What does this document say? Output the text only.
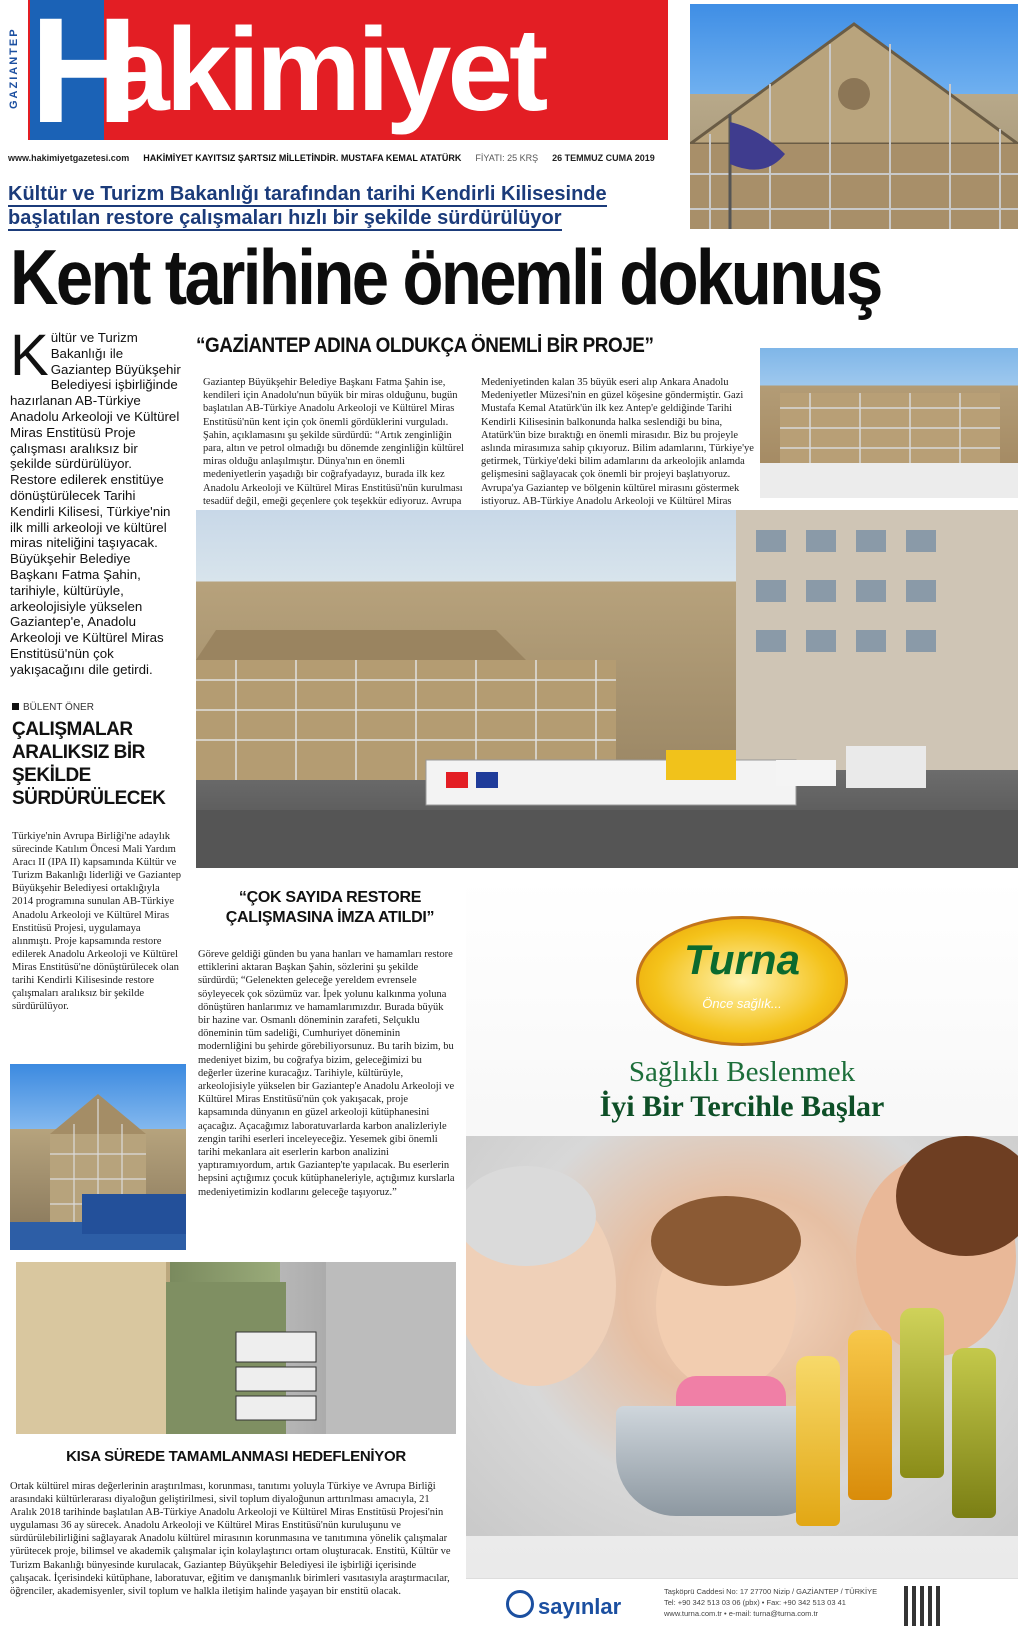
GAZIANTEP H
akimiyet
www.hakimiyetgazetesi.com HAKİMİYET KAYITSIZ ŞARTSIZ MİLLETİNDİR. MUSTAFA KEMAL ATATÜRK FİYATI: 25 KRŞ 26 TEMMUZ CUMA 2019
Kültür ve Turizm Bakanlığı tarafından tarihi Kendirli Kilisesinde
başlatılan restore çalışmaları hızlı bir şekilde sürdürülüyor
Kent tarihine önemli dokunuş
K ültür ve Turizm Bakanlığı ile Gaziantep Büyükşehir Belediyesi işbirliğinde hazırlanan AB-Türkiye Anadolu Arkeoloji ve Kültürel Miras Enstitüsü Proje çalışması aralıksız bir şekilde sürdürülüyor. Restore edilerek enstitüye dönüştürülecek Tarihi Kendirli Kilisesi, Türkiye'nin ilk milli arkeoloji ve kültürel miras niteliğini taşıyacak. Büyükşehir Belediye Başkanı Fatma Şahin, tarihiyle, kültürüyle, arkeolojisiyle yükselen Gaziantep'e, Anadolu Arkeoloji ve Kültürel Miras Enstitüsü'nün çok yakışacağını dile getirdi.
BÜLENT ÖNER
ÇALIŞMALAR ARALIKSIZ BİR ŞEKİLDE SÜRDÜRÜLECEK
Türkiye'nin Avrupa Birliği'ne adaylık sürecinde Katılım Öncesi Mali Yardım Aracı II (IPA II) kapsamında Kültür ve Turizm Bakanlığı liderliği ve Gaziantep Büyükşehir Belediyesi ortaklığıyla 2014 programına sunulan AB-Türkiye Anadolu Arkeoloji ve Kültürel Miras Enstitüsü Projesi, uygulamaya alınmıştı. Proje kapsamında restore edilerek Anadolu Arkeoloji ve Kültürel Miras Enstitüsü'ne dönüştürülecek olan tarihi Kendirli Kilisesinde restore çalışmaları aralıksız bir şekilde sürdürülüyor.
“GAZİANTEP ADINA OLDUKÇA ÖNEMLİ BİR PROJE”
Gaziantep Büyükşehir Belediye Başkanı Fatma Şahin ise, kendileri için Anadolu'nun büyük bir miras olduğunu, bugün başlatılan AB-Türkiye Anadolu Arkeoloji ve Kültürel Miras Enstitüsü'nün kent için çok önemli gördüklerini vurguladı. Şahin, açıklamasını şu şekilde sürdürdü: “Artık zenginliğin para, altın ve petrol olmadığı bu dönemde zenginliğin kültürel miras olduğu anlaşılmıştır. Dünya'nın en önemli medeniyetlerin yaşadığı bir coğrafyadayız, burada ilk kez Anadolu Arkeoloji ve Kültürel Miras Enstitüsü'nün kurulması tesadüf değil, emeği geçenlere çok teşekkür ediyoruz. Avrupa
Medeniyetinden kalan 35 büyük eseri alıp Ankara Anadolu Medeniyetler Müzesi'nin en güzel köşesine göndermiştir. Gazi Mustafa Kemal Atatürk'ün ilk kez Antep'e geldiğinde Tarihi Kendirli Kilisesinin balkonunda halka seslendiği bu bina, Atatürk'ün bize bıraktığı en önemli mirasıdır. Biz bu projeyle aslında mirasımıza sahip çıkıyoruz. Bilim adamlarını, Türkiye'ye getirmek, Türkiye'deki bilim adamlarını da arkeolojik anlamda gelişmesini sağlayacak çok önemli bir projeyi başlatıyoruz. Avrupa'ya Gaziantep ve bölgenin kültürel mirasını göstermek istiyoruz. AB-Türkiye Anadolu Arkeoloji ve Kültürel Miras
“ÇOK SAYIDA RESTORE ÇALIŞMASINA İMZA ATILDI”
Göreve geldiği günden bu yana hanları ve hamamları restore ettiklerini aktaran Başkan Şahin, sözlerini şu şekilde sürdürdü; “Gelenekten geleceğe yereldem evrensele söyleyecek çok sözümüz var. İpek yolunu kalkınma yoluna dönüştüren hanlarımız ve hamamlarımızdır. Burada büyük bir hazine var. Osmanlı döneminin zarafeti, Selçuklu döneminin tüm sadeliği, Cumhuriyet döneminin modernliğini bu şehirde görebiliyorsunuz. Bu tarih bizim, bu medeniyet bizim, bu coğrafya bizim, geleceğimizi bu değerler üzerine kuracağız. Tarihiyle, kültürüyle, arkeolojisiyle yükselen bir Gaziantep'e Anadolu Arkeoloji ve Kültürel Miras Enstitüsü'nün çok yakışacak, proje kapsamında dünyanın en güzel arkeoloji kütüphanesini açacağız. Açacağımız laboratuvarlarda karbon analizleriyle zengin tarihi eserleri inceleyeceğiz. Yesemek gibi önemli tarihi mekanlara ait eserlerin karbon analizini yaptıramıyordum, artık Gaziantep'te yapılacak. Bu eserlerin hepsini açtığımız çocuk kütüphaneleriyle, açtığımız kurslarla medeniyetimizin kodlarını geleceğe taşıyoruz.”
KISA SÜREDE TAMAMLANMASI HEDEFLENİYOR
Ortak kültürel miras değerlerinin araştırılması, korunması, tanıtımı yoluyla Türkiye ve Avrupa Birliği arasındaki kültürlerarası diyaloğun geliştirilmesi, sivil toplum diyaloğunun arttırılması amacıyla, 21 Aralık 2018 tarihinde başlatılan AB-Türkiye Anadolu Arkeoloji ve Kültürel Miras Enstitüsü Projesi'nin uygulaması 36 ay sürecek. Anadolu Arkeoloji ve Kültürel Miras Enstitüsü'nün kuruluşunu ve sürdürülebilirliğini sağlayarak Anadolu kültürel mirasının korunmasına ve tanıtımına yönelik çalışmalar yürütecek proje, bilimsel ve akademik çalışmalar için kolaylaştırıcı ortam oluşturacak. Enstitü, Kültür ve Turizm Bakanlığı bünyesinde kurulacak, Gaziantep Büyükşehir Belediyesi ile işbirliği içerisinde çalışacak. İçerisindeki kütüphane, laboratuvar, eğitim ve danışmanlık birimleri vasıtasıyla araştırmacılar, öğrenciler, akademisyenler, sivil toplum ve halkla iletişim halinde yaşayan bir enstitü olacak.
Turna
Önce sağlık...
Sağlıklı Beslenmek
İyi Bir Tercihle Başlar
sayınlar
Taşköprü Caddesi No: 17 27700 Nizip / GAZİANTEP / TÜRKİYE
Tel: +90 342 513 03 06 (pbx) • Fax: +90 342 513 03 41
www.turna.com.tr • e-mail: turna@turna.com.tr
